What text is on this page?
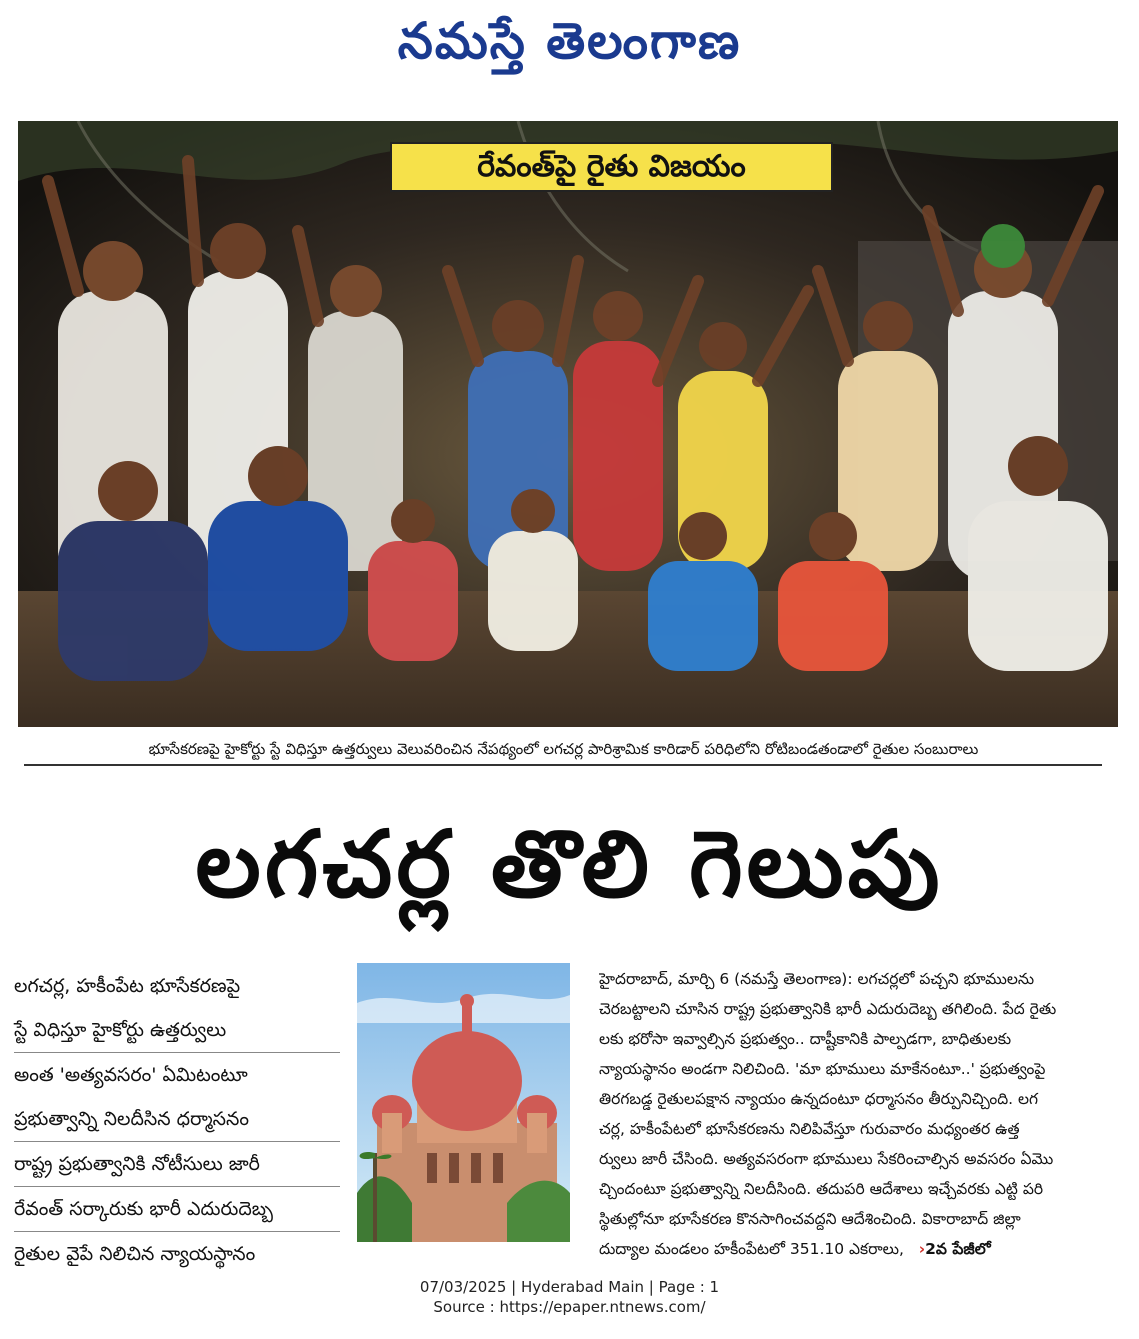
నమస్తే తెలంగాణ
రేవంత్‌పై రైతు విజయం
భూసేకరణపై హైకోర్టు స్టే విధిస్తూ ఉత్తర్వులు వెలువరించిన నేపథ్యంలో లగచర్ల పారిశ్రామిక కారిడార్ పరిధిలోని రోటిబండతండాలో రైతుల సంబురాలు
లగచర్ల తొలి గెలుపు
లగచర్ల, హకీంపేట భూసేకరణపై
స్టే విధిస్తూ హైకోర్టు ఉత్తర్వులు
అంత 'అత్యవసరం' ఏమిటంటూ
ప్రభుత్వాన్ని నిలదీసిన ధర్మాసనం
రాష్ట్ర ప్రభుత్వానికి నోటీసులు జారీ
రేవంత్ సర్కారుకు భారీ ఎదురుదెబ్బ
రైతుల వైపే నిలిచిన న్యాయస్థానం
హైదరాబాద్, మార్చి 6 (నమస్తే తెలంగాణ): లగచర్లలో పచ్చని భూములను
చెరబట్టాలని చూసిన రాష్ట్ర ప్రభుత్వానికి భారీ ఎదురుదెబ్బ తగిలింది. పేద రైతు
లకు భరోసా ఇవ్వాల్సిన ప్రభుత్వం.. దాష్టీకానికి పాల్పడగా, బాధితులకు
న్యాయస్థానం అండగా నిలిచింది. 'మా భూములు మాకేనంటూ..' ప్రభుత్వంపై
తిరగబడ్డ రైతులపక్షాన న్యాయం ఉన్నదంటూ ధర్మాసనం తీర్పునిచ్చింది. లగ
చర్ల, హకీంపేటలో భూసేకరణను నిలిపివేస్తూ గురువారం మధ్యంతర ఉత్త
ర్వులు జారీ చేసింది. అత్యవసరంగా భూములు సేకరించాల్సిన అవసరం ఏమొ
చ్చిందంటూ ప్రభుత్వాన్ని నిలదీసింది. తదుపరి ఆదేశాలు ఇచ్చేవరకు ఎట్టి పరి
స్థితుల్లోనూ భూసేకరణ కొనసాగించవద్దని ఆదేశించింది. వికారాబాద్ జిల్లా
దుద్యాల మండలం హకీంపేటలో 351.10 ఎకరాలు, ›2వ పేజీలో
07/03/2025 | Hyderabad Main | Page : 1
Source : https://epaper.ntnews.com/
